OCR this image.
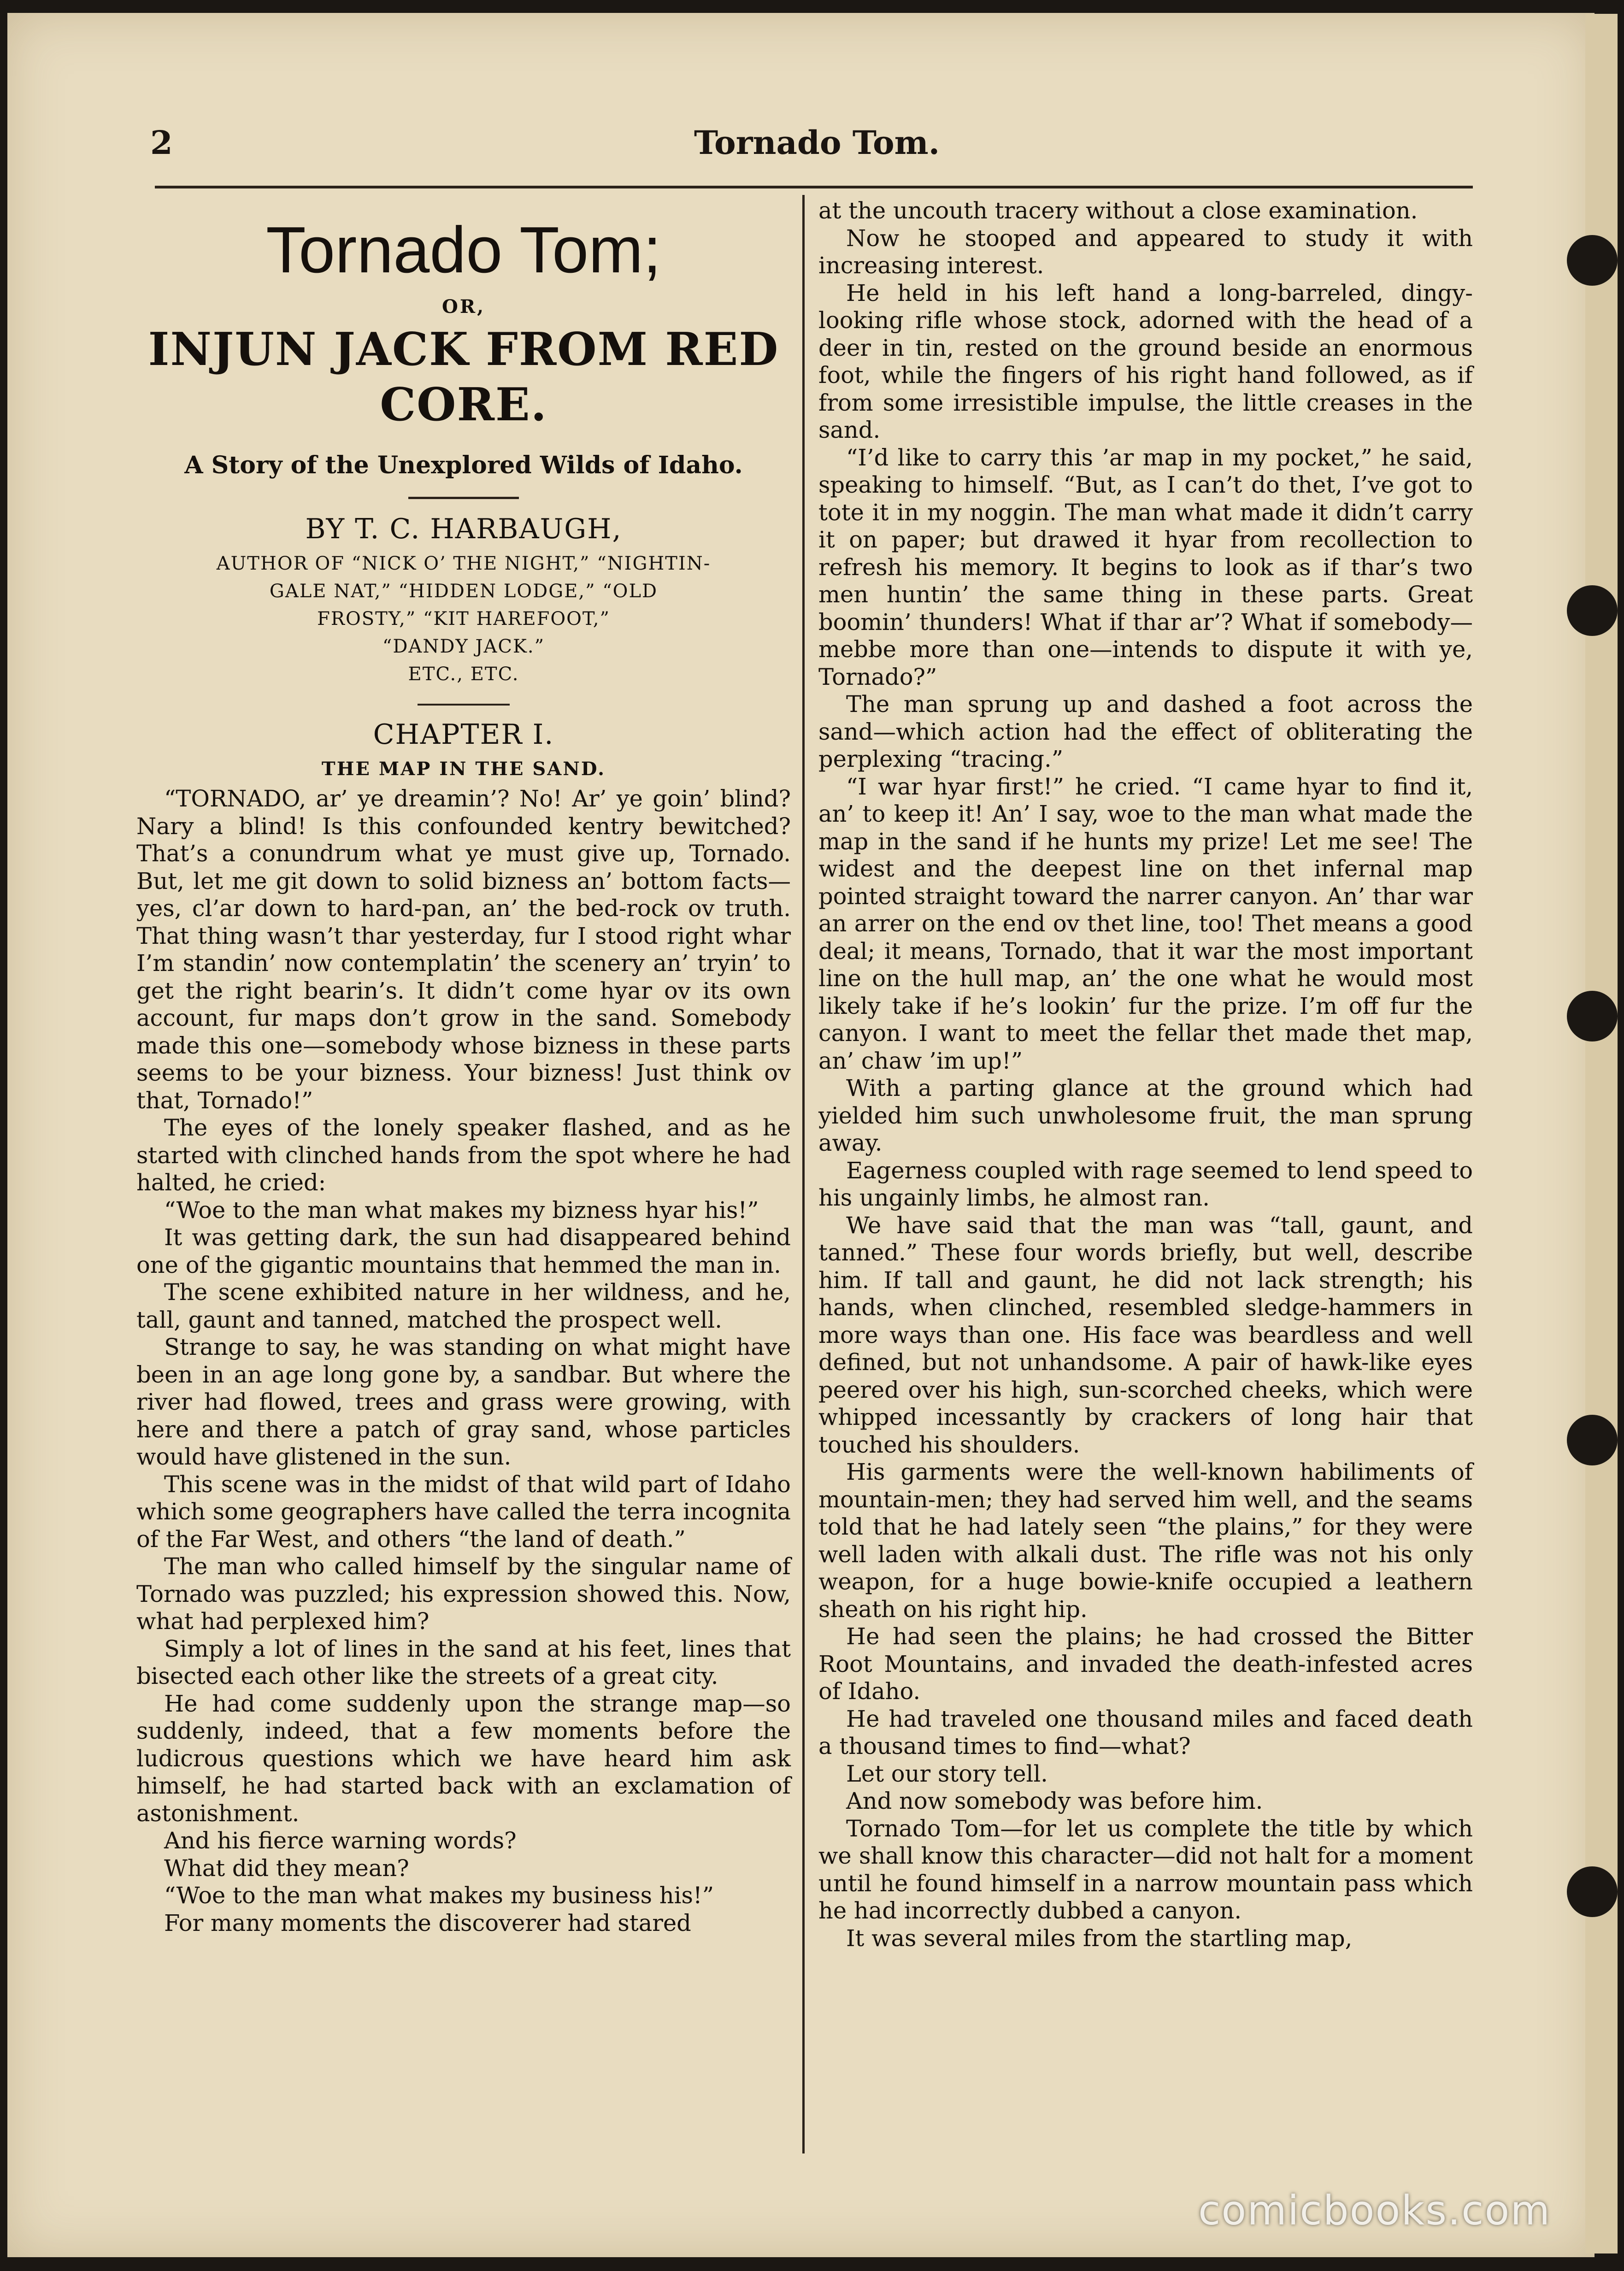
2	Tornado Tom.
Tornado Tom;
OR,
INJUN JACK FROM RED CORE.
A Story of the Unexplored Wilds of Idaho.
BY T. C. HARBAUGH,
AUTHOR OF “NICK O’ THE NIGHT,” “NIGHTIN-
GALE NAT,” “HIDDEN LODGE,” “OLD
FROSTY,” “KIT HAREFOOT,”
“DANDY JACK.”
ETC., ETC.
CHAPTER I.
THE MAP IN THE SAND.

“TORNADO, ar’ ye dreamin’? No! Ar’ ye goin’ blind? Nary a blind! Is this confounded kentry bewitched? That’s a conundrum what ye must give up, Tornado. But, let me git down to solid bizness an’ bottom facts—yes, cl’ar down to hard-pan, an’ the bed-rock ov truth. That thing wasn’t thar yesterday, fur I stood right whar I’m standin’ now contemplatin’ the scenery an’ tryin’ to get the right bearin’s. It didn’t come hyar ov its own account, fur maps don’t grow in the sand. Somebody made this one—somebody whose bizness in these parts seems to be your bizness. Your bizness! Just think ov that, Tornado!”

The eyes of the lonely speaker flashed, and as he started with clinched hands from the spot where he had halted, he cried:

“Woe to the man what makes my bizness hyar his!”

It was getting dark, the sun had disappeared behind one of the gigantic mountains that hemmed the man in.

The scene exhibited nature in her wildness, and he, tall, gaunt and tanned, matched the prospect well.

Strange to say, he was standing on what might have been in an age long gone by, a sandbar. But where the river had flowed, trees and grass were growing, with here and there a patch of gray sand, whose particles would have glistened in the sun.

This scene was in the midst of that wild part of Idaho which some geographers have called the terra incognita of the Far West, and others “the land of death.”

The man who called himself by the singular name of Tornado was puzzled; his expression showed this. Now, what had perplexed him?

Simply a lot of lines in the sand at his feet, lines that bisected each other like the streets of a great city.

He had come suddenly upon the strange map—so suddenly, indeed, that a few moments before the ludicrous questions which we have heard him ask himself, he had started back with an exclamation of astonishment.

And his fierce warning words?

What did they mean?

“Woe to the man what makes my business his!”

For many moments the discoverer had stared

at the uncouth tracery without a close examination.

Now he stooped and appeared to study it with increasing interest.

He held in his left hand a long-barreled, dingy-looking rifle whose stock, adorned with the head of a deer in tin, rested on the ground beside an enormous foot, while the fingers of his right hand followed, as if from some irresistible impulse, the little creases in the sand.

“I’d like to carry this ’ar map in my pocket,” he said, speaking to himself. “But, as I can’t do thet, I’ve got to tote it in my noggin. The man what made it didn’t carry it on paper; but drawed it hyar from recollection to refresh his memory. It begins to look as if thar’s two men huntin’ the same thing in these parts. Great boomin’ thunders! What if thar ar’? What if somebody—mebbe more than one—intends to dispute it with ye, Tornado?”

The man sprung up and dashed a foot across the sand—which action had the effect of obliterating the perplexing “tracing.”

“I war hyar first!” he cried. “I came hyar to find it, an’ to keep it! An’ I say, woe to the man what made the map in the sand if he hunts my prize! Let me see! The widest and the deepest line on thet infernal map pointed straight toward the narrer canyon. An’ thar war an arrer on the end ov thet line, too! Thet means a good deal; it means, Tornado, that it war the most important line on the hull map, an’ the one what he would most likely take if he’s lookin’ fur the prize. I’m off fur the canyon. I want to meet the fellar thet made thet map, an’ chaw ’im up!”

With a parting glance at the ground which had yielded him such unwholesome fruit, the man sprung away.

Eagerness coupled with rage seemed to lend speed to his ungainly limbs, he almost ran.

We have said that the man was “tall, gaunt, and tanned.” These four words briefly, but well, describe him. If tall and gaunt, he did not lack strength; his hands, when clinched, resembled sledge-hammers in more ways than one. His face was beardless and well defined, but not unhandsome. A pair of hawk-like eyes peered over his high, sun-scorched cheeks, which were whipped incessantly by crackers of long hair that touched his shoulders.

His garments were the well-known habiliments of mountain-men; they had served him well, and the seams told that he had lately seen “the plains,” for they were well laden with alkali dust. The rifle was not his only weapon, for a huge bowie-knife occupied a leathern sheath on his right hip.

He had seen the plains; he had crossed the Bitter Root Mountains, and invaded the death-infested acres of Idaho.

He had traveled one thousand miles and faced death a thousand times to find—what?

Let our story tell.

And now somebody was before him.

Tornado Tom—for let us complete the title by which we shall know this character—did not halt for a moment until he found himself in a narrow mountain pass which he had incorrectly dubbed a canyon.

It was several miles from the startling map,

comicbooks.com
